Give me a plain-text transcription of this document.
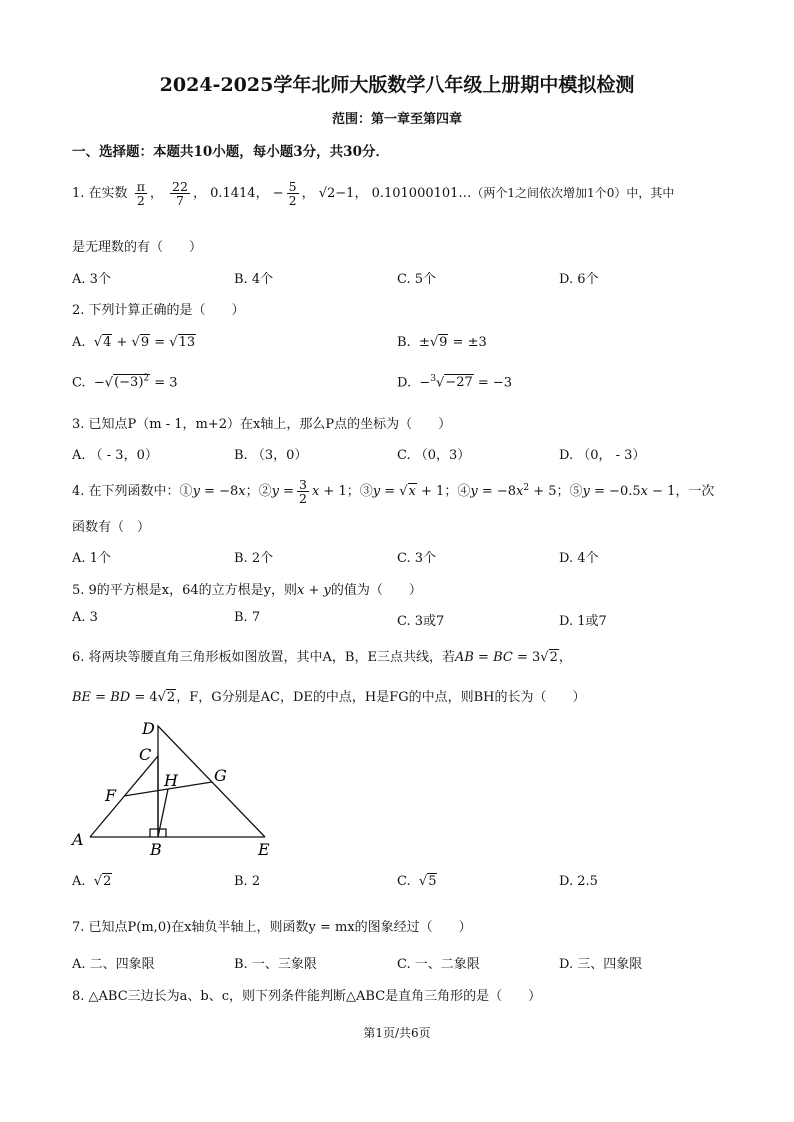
2024-2025学年北师大版数学八年级上册期中模拟检测
范围：第一章至第四章
一、选择题：本题共10小题，每小题3分，共30分．
1. 在实数 $\frac{\pi}{2}$ ， $\frac{22}{7}$ ， 0.1414， − $\frac{5}{2}$ ， √2−1， 0.101000101…（两个1之间依次增加1个0）中，其中
是无理数的有（　　）
A. 3个	B. 4个	C. 5个	D. 6个
2. 下列计算正确的是（　　）
A.  √4 + √9 = √13	B.  ±√9 = ±3
C.  $-√(-3)^2 = 3$	D.  −$^3$√−27 = −3
3. 已知点P（m - 1，m+2）在x轴上，那么P点的坐标为（　　）
A. （ - 3，0）	B. （3，0）	C. （0，3）	D. （0， - 3）
4. 在下列函数中：①y = −8x；②y = $\frac{3}{2}$ x + 1；③y = √x + 1；④y = $-8x^2 + 5$；⑤y = −0.5x − 1，一次
函数有（　）
A. 1个	B. 2个	C. 3个	D. 4个
5. 9的平方根是x，64的立方根是y，则x + y的值为（　　）
A. 3	B. 7	C. 3或7	D. 1或7
6. 将两块等腰直角三角形板如图放置，其中A，B，E三点共线，若AB = BC = 3√2，
BE = BD = 4√2，F，G分别是AC，DE的中点，H是FG的中点，则BH的长为（　　）
D
C
H G
F
A
B	E
A.  √2	B. 2	C.  √5	D. 2.5
7. 已知点P(m,0)在x轴负半轴上，则函数y = mx的图象经过（　　）
A. 二、四象限	B. 一、三象限	C. 一、二象限	D. 三、四象限
8. △ABC三边长为a、b、c，则下列条件能判断△ABC是直角三角形的是（　　）
第1页/共6页
